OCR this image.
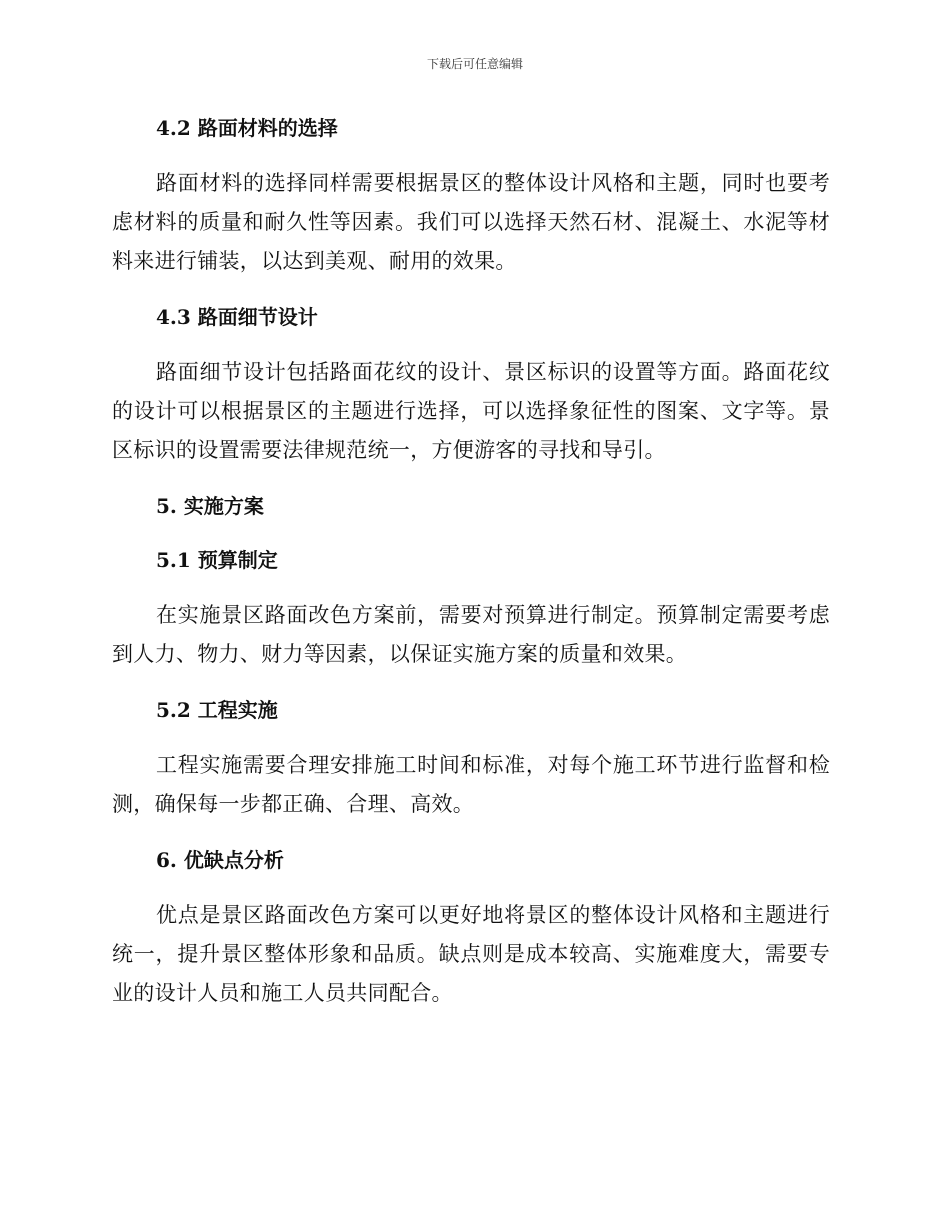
下载后可任意编辑
4.2 路面材料的选择

路面材料的选择同样需要根据景区的整体设计风格和主题，同时也要考虑材料的质量和耐久性等因素。我们可以选择天然石材、混凝土、水泥等材料来进行铺装，以达到美观、耐用的效果。

4.3 路面细节设计

路面细节设计包括路面花纹的设计、景区标识的设置等方面。路面花纹的设计可以根据景区的主题进行选择，可以选择象征性的图案、文字等。景区标识的设置需要法律规范统一，方便游客的寻找和导引。

5. 实施方案
5.1 预算制定

在实施景区路面改色方案前，需要对预算进行制定。预算制定需要考虑到人力、物力、财力等因素，以保证实施方案的质量和效果。

5.2 工程实施

工程实施需要合理安排施工时间和标准，对每个施工环节进行监督和检测，确保每一步都正确、合理、高效。

6. 优缺点分析

优点是景区路面改色方案可以更好地将景区的整体设计风格和主题进行统一，提升景区整体形象和品质。缺点则是成本较高、实施难度大，需要专业的设计人员和施工人员共同配合。
